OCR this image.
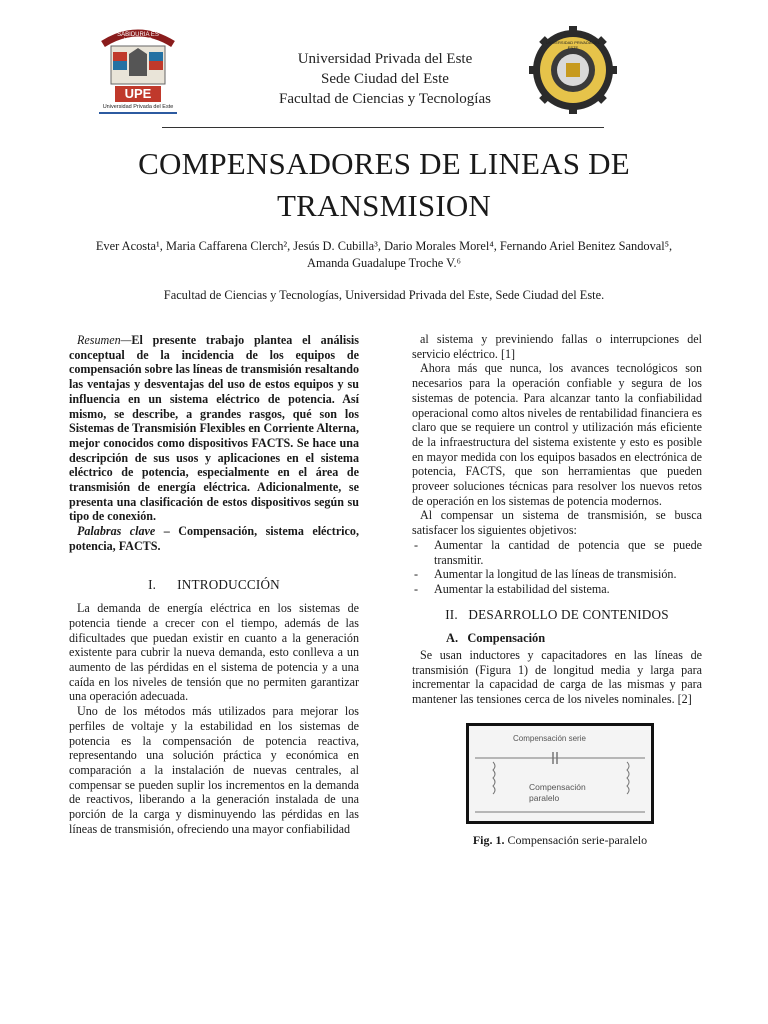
SABIDURIA ES LIBERTAD
UPE
Universidad Privada del Este
Universidad Privada del Este
Sede Ciudad del Este
Facultad de Ciencias y Tecnologías
UNIVERSIDAD PRIVADA DEL ESTE
COMPENSADORES DE LINEAS DE
TRANSMISION
Ever Acosta¹, Maria Caffarena Clerch², Jesús D. Cubilla³, Dario Morales Morel⁴, Fernando Ariel Benitez Sandoval⁵,
Amanda Guadalupe Troche V.⁶
Facultad de Ciencias y Tecnologías, Universidad Privada del Este, Sede Ciudad del Este.

Resumen—El presente trabajo plantea el análisis conceptual de la incidencia de los equipos de compensación sobre las líneas de transmisión resaltando las ventajas y desventajas del uso de estos equipos y su influencia en un sistema eléctrico de potencia. Así mismo, se describe, a grandes rasgos, qué son los Sistemas de Transmisión Flexibles en Corriente Alterna, mejor conocidos como dispositivos FACTS. Se hace una descripción de sus usos y aplicaciones en el sistema eléctrico de potencia, especialmente en el área de transmisión de energía eléctrica. Adicionalmente, se presenta una clasificación de estos dispositivos según su tipo de conexión.

Palabras clave – Compensación, sistema eléctrico, potencia, FACTS.

I. INTRODUCCIÓN

La demanda de energía eléctrica en los sistemas de potencia tiende a crecer con el tiempo, además de las dificultades que puedan existir en cuanto a la generación existente para cubrir la nueva demanda, esto conlleva a un aumento de las pérdidas en el sistema de potencia y a una caída en los niveles de tensión que no permiten garantizar una operación adecuada.

Uno de los métodos más utilizados para mejorar los perfiles de voltaje y la estabilidad en los sistemas de potencia es la compensación de potencia reactiva, representando una solución práctica y económica en comparación a la instalación de nuevas centrales, al compensar se pueden suplir los incrementos en la demanda de reactivos, liberando a la generación instalada de una porción de la carga y disminuyendo las pérdidas en las líneas de transmisión, ofreciendo una mayor confiabilidad

al sistema y previniendo fallas o interrupciones del servicio eléctrico. [1]

Ahora más que nunca, los avances tecnológicos son necesarios para la operación confiable y segura de los sistemas de potencia. Para alcanzar tanto la confiabilidad operacional como altos niveles de rentabilidad financiera es claro que se requiere un control y utilización más eficiente de la infraestructura del sistema existente y esto es posible en mayor medida con los equipos basados en electrónica de potencia, FACTS, que son herramientas que pueden proveer soluciones técnicas para resolver los nuevos retos de operación en los sistemas de potencia modernos.

Al compensar un sistema de transmisión, se busca satisfacer los siguientes objetivos:

- Aumentar la cantidad de potencia que se puede transmitir.
- Aumentar la longitud de las líneas de transmisión.
- Aumentar la estabilidad del sistema.
II. DESARROLLO DE CONTENIDOS
A. Compensación

Se usan inductores y capacitadores en las líneas de transmisión (Figura 1) de longitud media y larga para incrementar la capacidad de carga de las mismas y para mantener las tensiones cerca de los niveles nominales. [2]

Compensación serie
Compensación
paralelo
Fig. 1. Compensación serie-paralelo
